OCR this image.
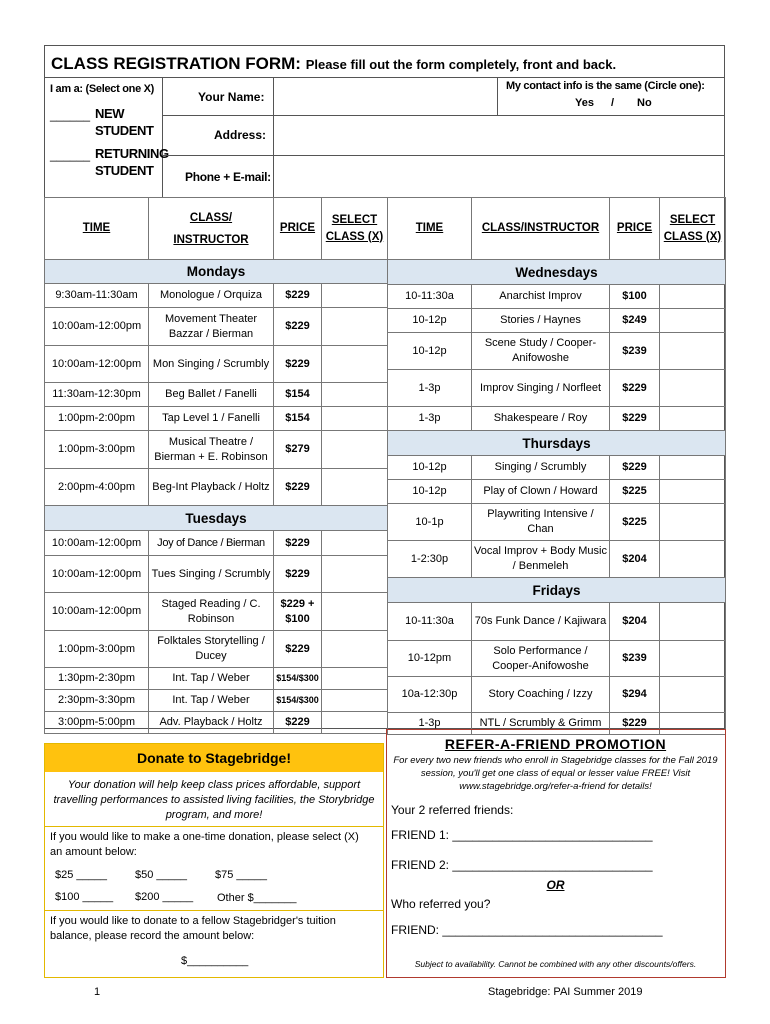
CLASS REGISTRATION FORM: Please fill out the form completely, front and back.
I am a: (Select one X)
______ NEW
STUDENT
______ RETURNING
STUDENT
Your Name:
Address:
Phone + E-mail:
My contact info is the same (Circle one):
Yes / No
TIME	CLASS/ INSTRUCTOR	PRICE	SELECT CLASS (X)
Mondays			
9:30am-11:30am	Monologue / Orquiza	$229	
10:00am-12:00pm	Movement Theater Bazzar / Bierman	$229	
10:00am-12:00pm	Mon Singing / Scrumbly	$229	
11:30am-12:30pm	Beg Ballet / Fanelli	$154	
1:00pm-2:00pm	Tap Level 1 / Fanelli	$154	
1:00pm-3:00pm	Musical Theatre / Bierman + E. Robinson	$279	
2:00pm-4:00pm	Beg-Int Playback / Holtz	$229	
Tuesdays			
10:00am-12:00pm	Joy of Dance / Bierman	$229	
10:00am-12:00pm	Tues Singing / Scrumbly	$229	
10:00am-12:00pm	Staged Reading / C. Robinson	$229 + $100	
1:00pm-3:00pm	Folktales Storytelling / Ducey	$229	
1:30pm-2:30pm	Int. Tap / Weber	$154/$300	
2:30pm-3:30pm	Int. Tap / Weber	$154/$300	
3:00pm-5:00pm	Adv. Playback / Holtz	$229	
TIME	CLASS/INSTRUCTOR	PRICE	SELECT CLASS (X)
Wednesdays			
10-11:30a	Anarchist Improv	$100	
10-12p	Stories / Haynes	$249	
10-12p	Scene Study / Cooper-Anifowoshe	$239	
1-3p	Improv Singing / Norfleet	$229	
1-3p	Shakespeare / Roy	$229	
Thursdays			
10-12p	Singing / Scrumbly	$229	
10-12p	Play of Clown / Howard	$225	
10-1p	Playwriting Intensive / Chan	$225	
1-2:30p	Vocal Improv + Body Music / Benmeleh	$204	
Fridays			
10-11:30a	70s Funk Dance / Kajiwara	$204	
10-12pm	Solo Performance / Cooper-Anifowoshe	$239	
10a-12:30p	Story Coaching / Izzy	$294	
1-3p	NTL / Scrumbly & Grimm	$229	
Donate to Stagebridge!
Your donation will help keep class prices affordable, support travelling performances to assisted living facilities, the Storybridge program, and more!
If you would like to make a one-time donation, please select (X) an amount below:
$25 _____	$50 _____	$75 _____
$100 _____ $200 _____ Other $_______
If you would like to donate to a fellow Stagebridger's tuition balance, please record the amount below:
$__________
REFER-A-FRIEND PROMOTION
For every two new friends who enroll in Stagebridge classes for the Fall 2019 session, you'll get one class of equal or lesser value FREE! Visit www.stagebridge.org/refer-a-friend for details!
Your 2 referred friends:
FRIEND 1: ______________________________
FRIEND 2: ______________________________
OR
Who referred you?
FRIEND: _________________________________
Subject to availability. Cannot be combined with any other discounts/offers.
1	Stagebridge: PAI Summer 2019
